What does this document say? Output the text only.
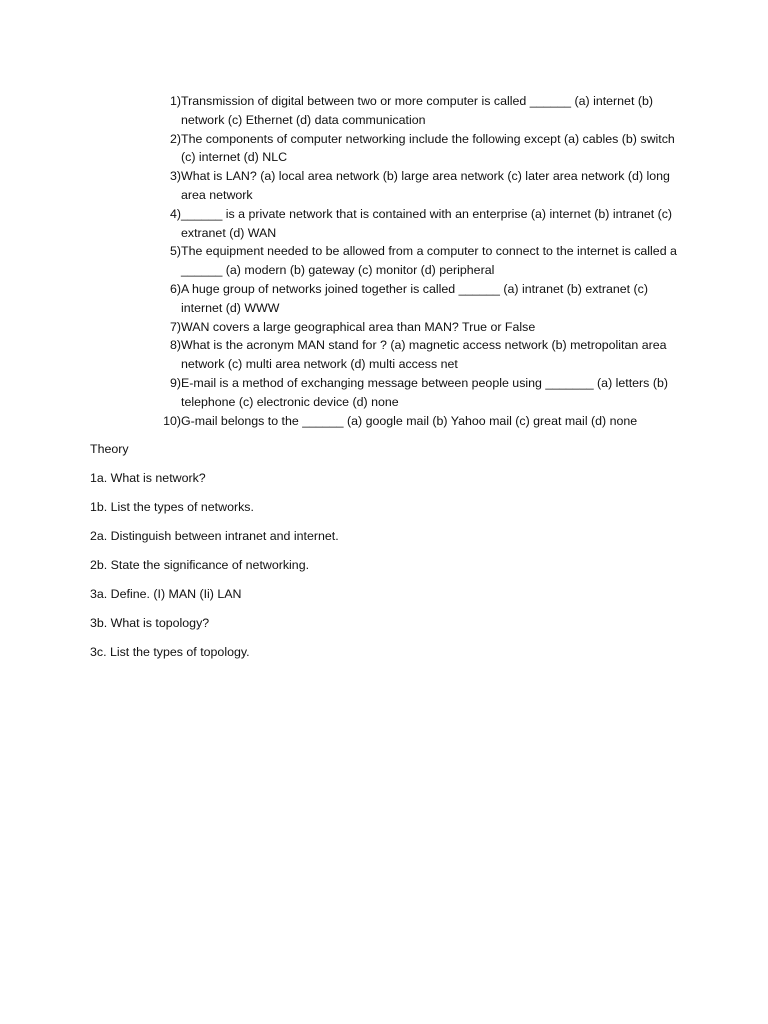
1) Transmission of digital between two or more computer is called ______ (a) internet (b) network (c) Ethernet (d) data communication
2) The components of computer networking include the following except (a) cables (b) switch (c) internet (d) NLC
3) What is LAN? (a) local area network (b) large area network (c) later area network (d) long area network
4) ______ is a private network that is contained with an enterprise (a) internet (b) intranet (c) extranet (d) WAN
5) The equipment needed to be allowed from a computer to connect to the internet is called a ______ (a) modern (b) gateway (c) monitor (d) peripheral
6) A huge group of networks joined together is called ______ (a) intranet (b) extranet (c) internet (d) WWW
7) WAN covers a large geographical area than MAN? True or False
8) What is the acronym MAN stand for ? (a) magnetic access network (b) metropolitan area network (c) multi area network (d) multi access net
9) E-mail is a method of exchanging message between people using _______ (a) letters (b) telephone (c) electronic device (d) none
10) G-mail belongs to the ______ (a) google mail (b) Yahoo mail (c) great mail (d) none

Theory

1a. What is network?

1b. List the types of networks.

2a. Distinguish between intranet and internet.

2b. State the significance of networking.

3a. Define. (I) MAN (Ii) LAN

3b. What is topology?

3c. List the types of topology.
